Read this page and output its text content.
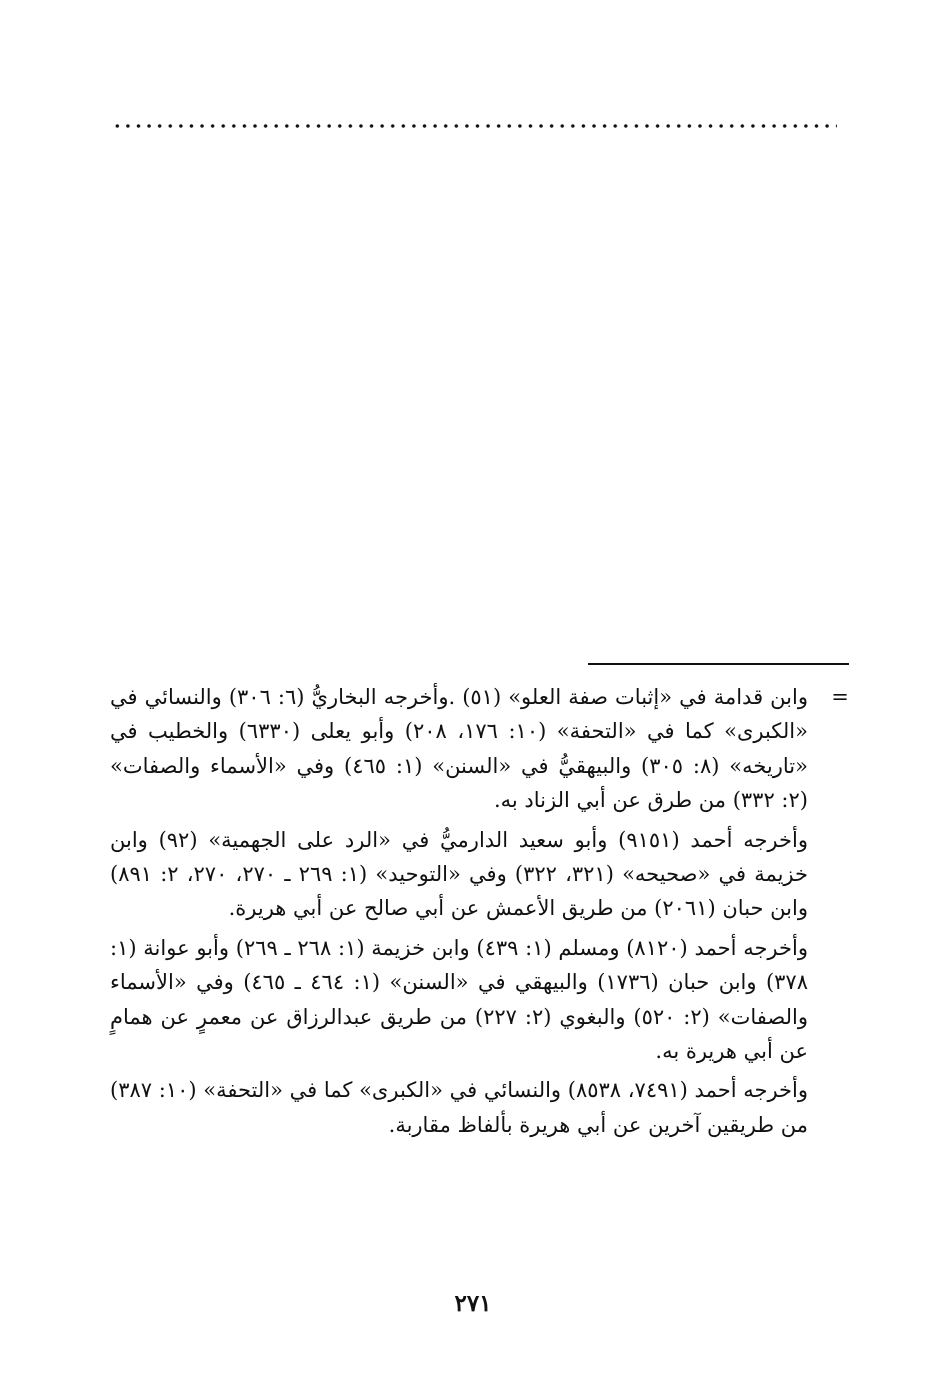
=

وابن قدامة في «إثبات صفة العلو» (٥١) .وأخرجه البخاريُّ (٦: ٣٠٦) والنسائي في «الكبرى» كما في «التحفة» (١٠: ١٧٦، ٢٠٨) وأبو يعلى (٦٣٣٠) والخطيب في «تاريخه» (٨: ٣٠٥) والبيهقيُّ في «السنن» (١: ٤٦٥) وفي «الأسماء والصفات» (٢: ٣٣٢) من طرق عن أبي الزناد به.

وأخرجه أحمد (٩١٥١) وأبو سعيد الدارميُّ في «الرد على الجهمية» (٩٢) وابن خزيمة في «صحيحه» (٣٢١، ٣٢٢) وفي «التوحيد» (١: ٢٦٩ ـ ٢٧٠، ٢٧٠، ٢: ٨٩١) وابن حبان (٢٠٦١) من طريق الأعمش عن أبي صالح عن أبي هريرة.

وأخرجه أحمد (٨١٢٠) ومسلم (١: ٤٣٩) وابن خزيمة (١: ٢٦٨ ـ ٢٦٩) وأبو عوانة (١: ٣٧٨) وابن حبان (١٧٣٦) والبيهقي في «السنن» (١: ٤٦٤ ـ ٤٦٥) وفي «الأسماء والصفات» (٢: ٥٢٠) والبغوي (٢: ٢٢٧) من طريق عبدالرزاق عن معمرٍ عن همامٍ عن أبي هريرة به.

وأخرجه أحمد (٧٤٩١، ٨٥٣٨) والنسائي في «الكبرى» كما في «التحفة» (١٠: ٣٨٧) من طريقين آخرين عن أبي هريرة بألفاظ مقاربة.

٢٧١
